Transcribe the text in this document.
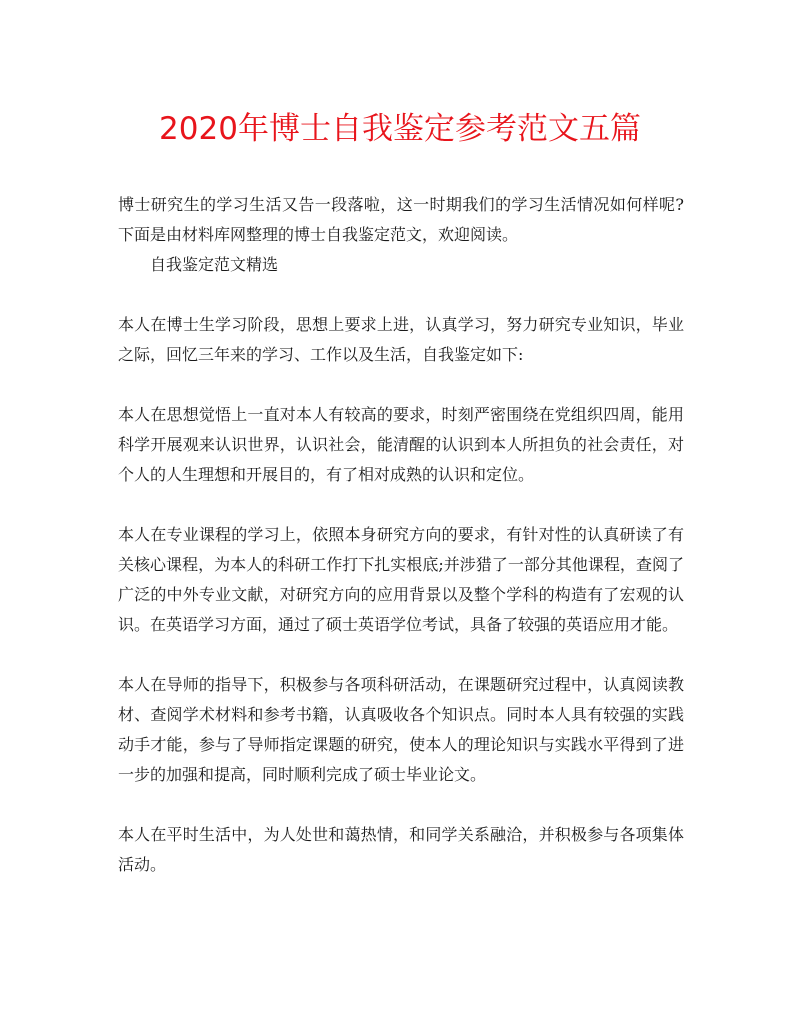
2020年博士自我鉴定参考范文五篇

博士研究生的学习生活又告一段落啦，这一时期我们的学习生活情况如何样呢?下面是由材料库网整理的博士自我鉴定范文，欢迎阅读。

自我鉴定范文精选

本人在博士生学习阶段，思想上要求上进，认真学习，努力研究专业知识，毕业之际，回忆三年来的学习、工作以及生活，自我鉴定如下:

本人在思想觉悟上一直对本人有较高的要求，时刻严密围绕在党组织四周，能用科学开展观来认识世界，认识社会，能清醒的认识到本人所担负的社会责任，对个人的人生理想和开展目的，有了相对成熟的认识和定位。

本人在专业课程的学习上，依照本身研究方向的要求，有针对性的认真研读了有关核心课程，为本人的科研工作打下扎实根底;并涉猎了一部分其他课程，查阅了广泛的中外专业文献，对研究方向的应用背景以及整个学科的构造有了宏观的认识。在英语学习方面，通过了硕士英语学位考试，具备了较强的英语应用才能。

本人在导师的指导下，积极参与各项科研活动，在课题研究过程中，认真阅读教材、查阅学术材料和参考书籍，认真吸收各个知识点。同时本人具有较强的实践动手才能，参与了导师指定课题的研究，使本人的理论知识与实践水平得到了进一步的加强和提高，同时顺利完成了硕士毕业论文。

本人在平时生活中，为人处世和蔼热情，和同学关系融洽，并积极参与各项集体活动。
